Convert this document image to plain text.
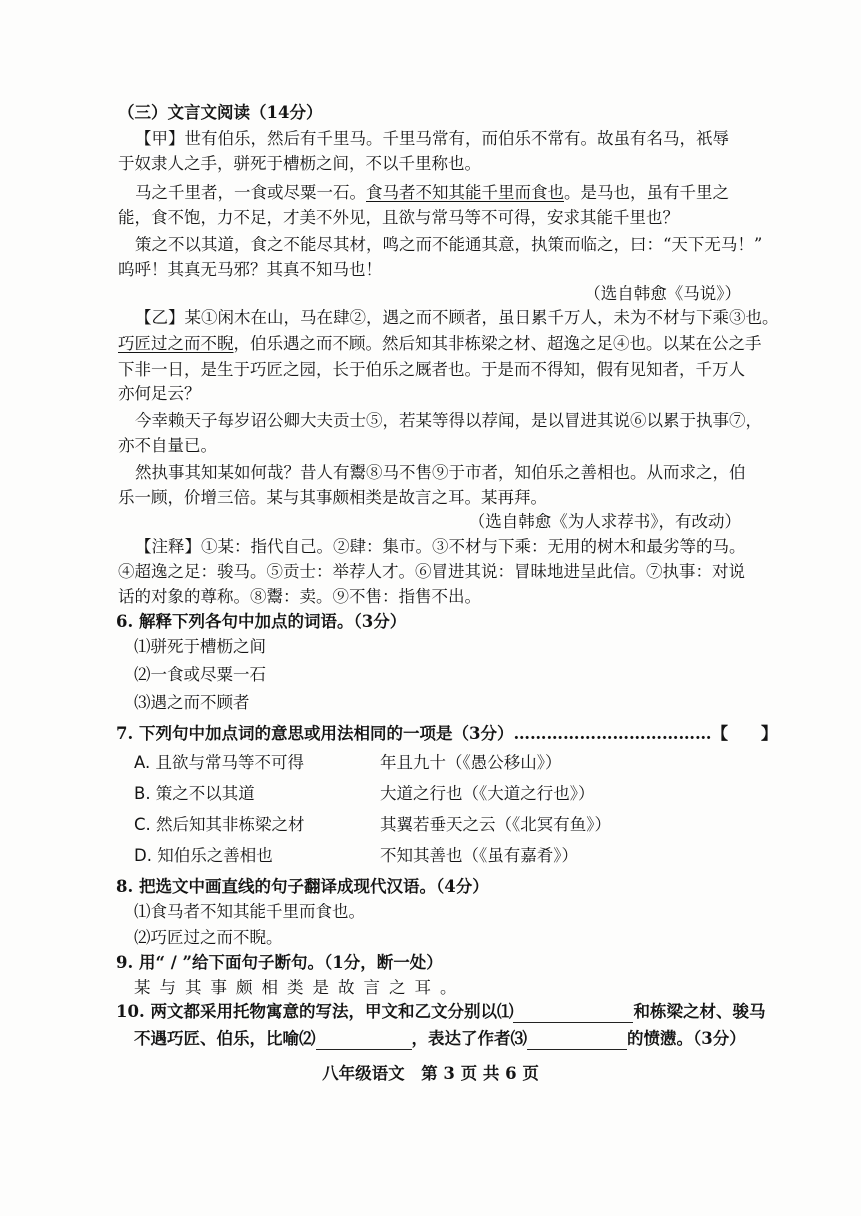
（三）文言文阅读（14分）
【甲】世有伯乐，然后有千里马。千里马常有，而伯乐不常有。故虽有名马，祇辱
于奴隶人之手，骈死于槽枥之间，不以千里称也。
马之千里者，一食或尽粟一石。食马者不知其能千里而食也。是马也，虽有千里之
能，食不饱，力不足，才美不外见，且欲与常马等不可得，安求其能千里也？
策之不以其道，食之不能尽其材，鸣之而不能通其意，执策而临之，曰：“天下无马！”
呜呼！其真无马邪？其真不知马也！
（选自韩愈《马说》）
【乙】某①闲木在山，马在肆②，遇之而不顾者，虽日累千万人，未为不材与下乘③也。
巧匠过之而不睨，伯乐遇之而不顾。然后知其非栋梁之材、超逸之足④也。以某在公之手
下非一日，是生于巧匠之园，长于伯乐之厩者也。于是而不得知，假有见知者，千万人
亦何足云？
今幸赖天子每岁诏公卿大夫贡士⑤，若某等得以荐闻，是以冒进其说⑥以累于执事⑦，
亦不自量已。
然执事其知某如何哉？昔人有鬻⑧马不售⑨于市者，知伯乐之善相也。从而求之，伯
乐一顾，价增三倍。某与其事颇相类是故言之耳。某再拜。
（选自韩愈《为人求荐书》，有改动）
【注释】①某：指代自己。②肆：集市。③不材与下乘：无用的树木和最劣等的马。
④超逸之足：骏马。⑤贡士：举荐人才。⑥冒进其说：冒昧地进呈此信。⑦执事：对说
话的对象的尊称。⑧鬻：卖。⑨不售：指售不出。
6. 解释下列各句中加点的词语。（3分）
⑴骈死于槽枥之间
⑵一食或尽粟一石
⑶遇之而不顾者
7. 下列句中加点词的意思或用法相同的一项是（3分）………………………………【　　】
A. 且欲与常马等不可得	年且九十（《愚公移山》）
B. 策之不以其道	大道之行也（《大道之行也》）
C. 然后知其非栋梁之材	其翼若垂天之云（《北冥有鱼》）
D. 知伯乐之善相也	不知其善也（《虽有嘉肴》）
8. 把选文中画直线的句子翻译成现代汉语。（4分）
⑴食马者不知其能千里而食也。
⑵巧匠过之而不睨。
9. 用“ / ”给下面句子断句。（1分，断一处）
某与其事颇相类是故言之耳。
10. 两文都采用托物寓意的写法，甲文和乙文分别以⑴	和栋梁之材、骏马
不遇巧匠、伯乐，比喻⑵	，表达了作者⑶	的愤懑。（3分）
八年级语文　第 3 页 共 6 页
